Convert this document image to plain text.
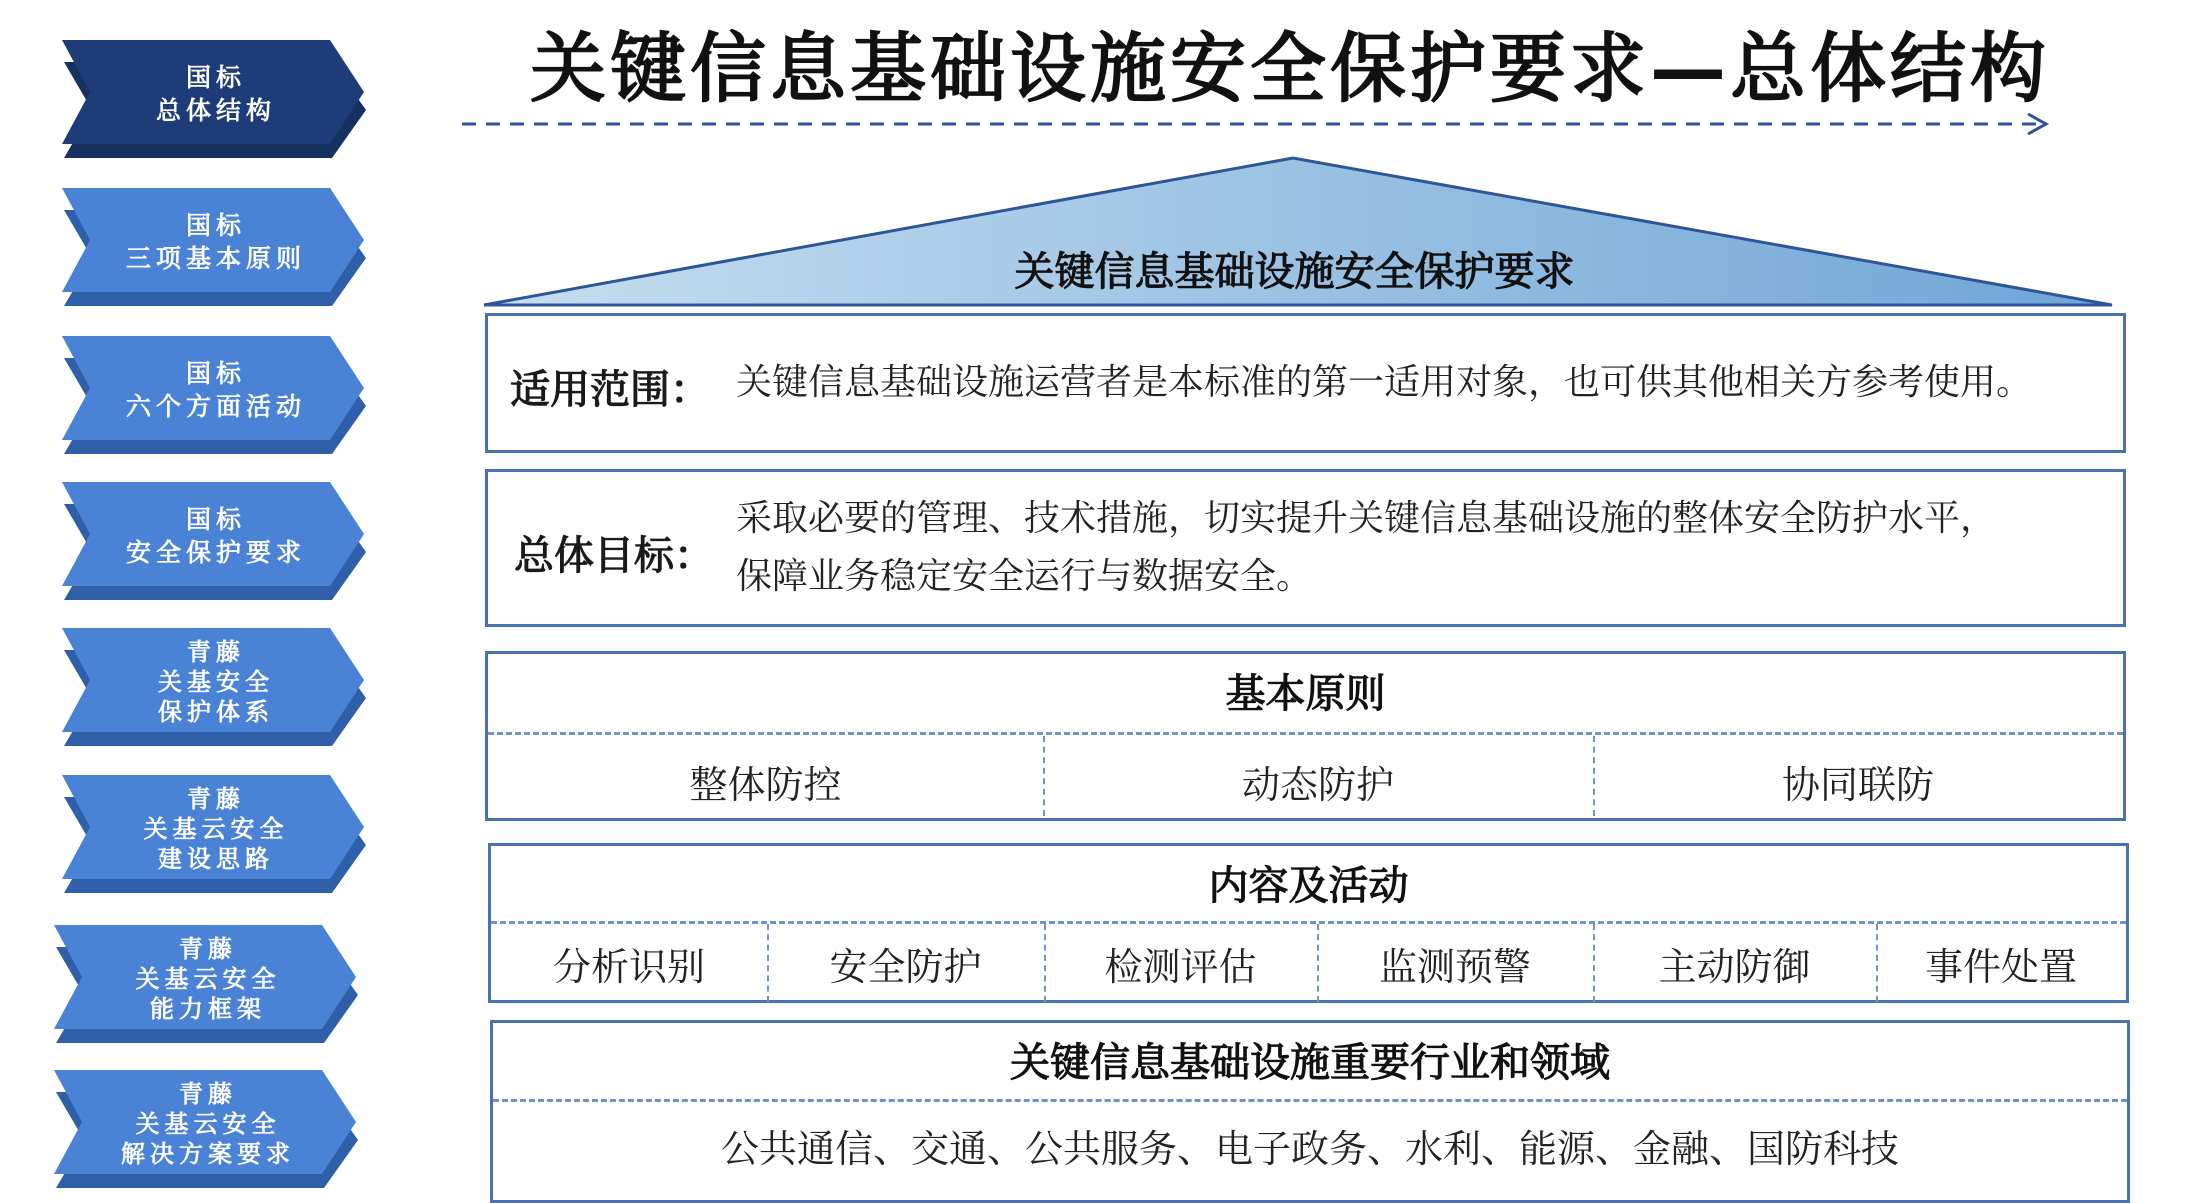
国标
总体结构
国标
三项基本原则
国标
六个方面活动
国标
安全保护要求
青藤
关基安全
保护体系
青藤
关基云安全
建设思路
青藤
关基云安全
能力框架
青藤
关基云安全
解决方案要求
关键信息基础设施安全保护要求—总体结构
关键信息基础设施安全保护要求
适用范围： 关键信息基础设施运营者是本标准的第一适用对象，也可供其他相关方参考使用。
总体目标：
采取必要的管理、技术措施，切实提升关键信息基础设施的整体安全防护水平，
保障业务稳定安全运行与数据安全。
基本原则
整体防控	动态防护	协同联防
内容及活动
分析识别	安全防护	检测评估	监测预警	主动防御	事件处置
关键信息基础设施重要行业和领域
公共通信、交通、公共服务、电子政务、水利、能源、金融、国防科技
